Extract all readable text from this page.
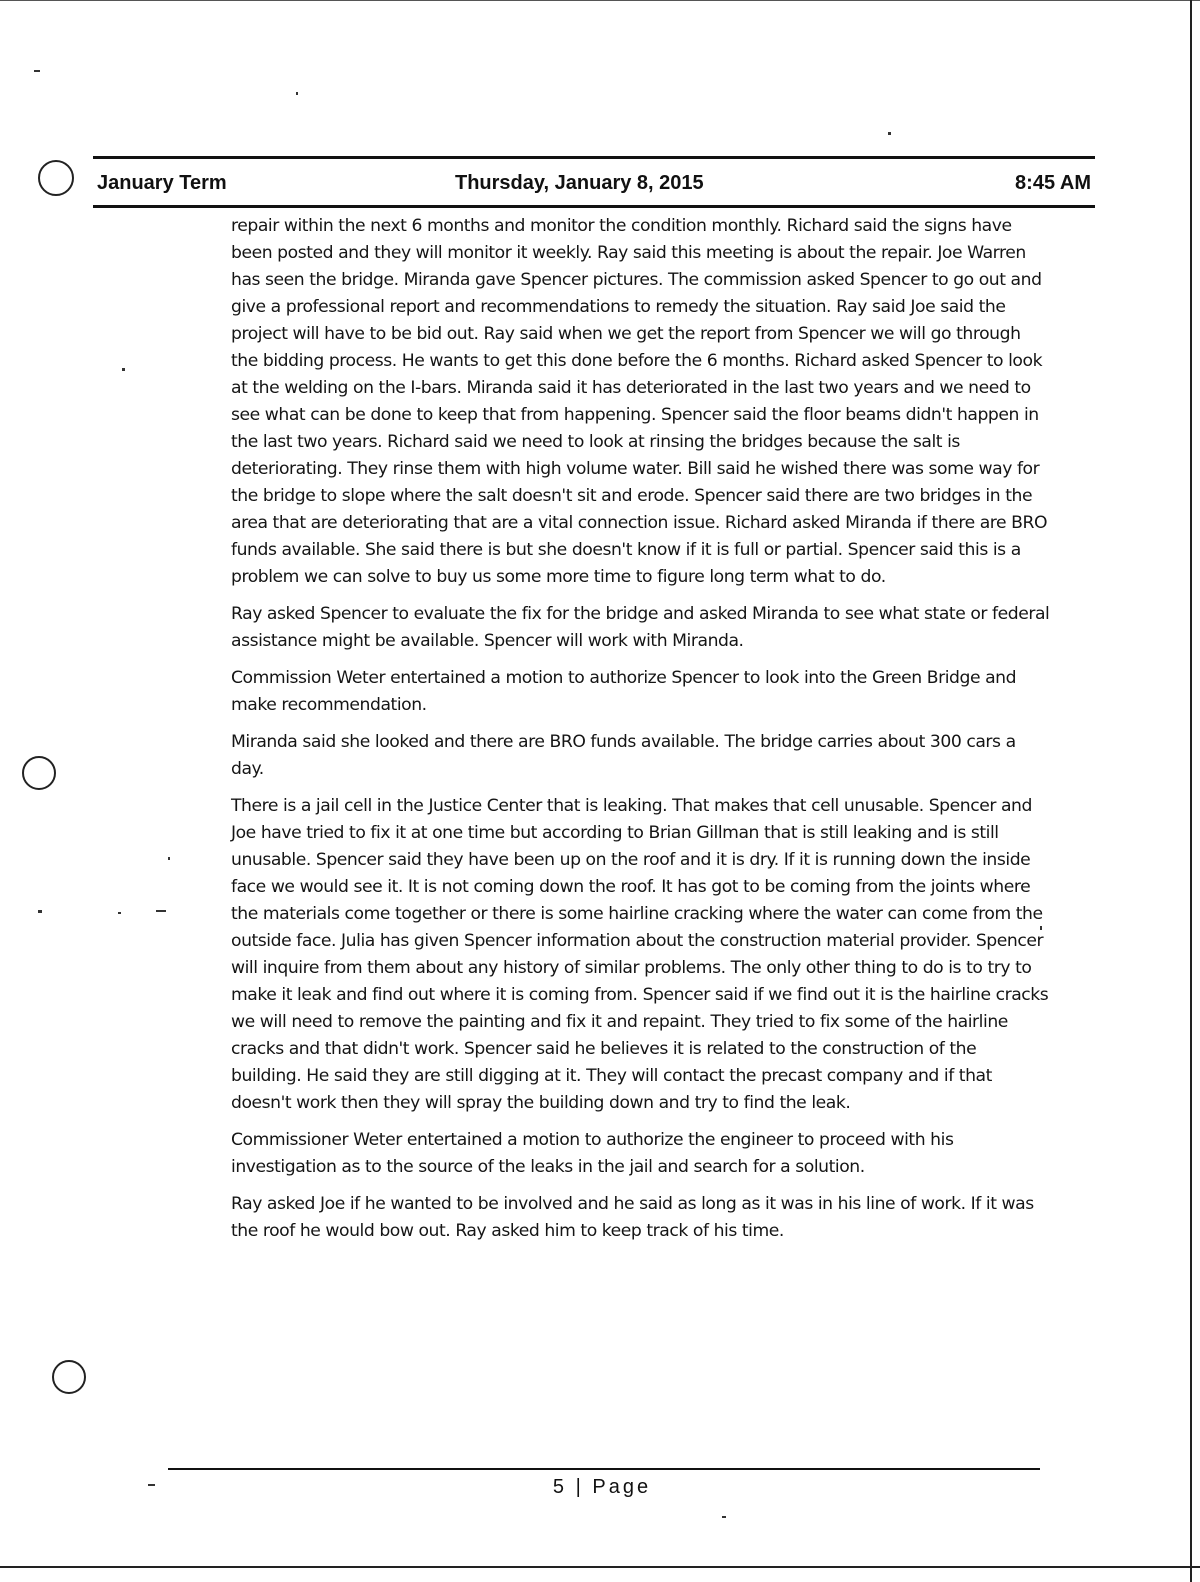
January Term	Thursday, January 8, 2015	8:45 AM

repair within the next 6 months and monitor the condition monthly. Richard said the signs have been posted and they will monitor it weekly. Ray said this meeting is about the repair. Joe Warren has seen the bridge. Miranda gave Spencer pictures. The commission asked Spencer to go out and give a professional report and recommendations to remedy the situation. Ray said Joe said the project will have to be bid out. Ray said when we get the report from Spencer we will go through the bidding process. He wants to get this done before the 6 months. Richard asked Spencer to look at the welding on the I-bars. Miranda said it has deteriorated in the last two years and we need to see what can be done to keep that from happening. Spencer said the floor beams didn't happen in the last two years. Richard said we need to look at rinsing the bridges because the salt is deteriorating. They rinse them with high volume water. Bill said he wished there was some way for the bridge to slope where the salt doesn't sit and erode. Spencer said there are two bridges in the area that are deteriorating that are a vital connection issue. Richard asked Miranda if there are BRO funds available. She said there is but she doesn't know if it is full or partial. Spencer said this is a problem we can solve to buy us some more time to figure long term what to do.

Ray asked Spencer to evaluate the fix for the bridge and asked Miranda to see what state or federal assistance might be available. Spencer will work with Miranda.

Commission Weter entertained a motion to authorize Spencer to look into the Green Bridge and make recommendation.

Miranda said she looked and there are BRO funds available. The bridge carries about 300 cars a day.

There is a jail cell in the Justice Center that is leaking. That makes that cell unusable. Spencer and Joe have tried to fix it at one time but according to Brian Gillman that is still leaking and is still unusable. Spencer said they have been up on the roof and it is dry. If it is running down the inside face we would see it. It is not coming down the roof. It has got to be coming from the joints where the materials come together or there is some hairline cracking where the water can come from the outside face. Julia has given Spencer information about the construction material provider. Spencer will inquire from them about any history of similar problems. The only other thing to do is to try to make it leak and find out where it is coming from. Spencer said if we find out it is the hairline cracks we will need to remove the painting and fix it and repaint. They tried to fix some of the hairline cracks and that didn't work. Spencer said he believes it is related to the construction of the building. He said they are still digging at it. They will contact the precast company and if that doesn't work then they will spray the building down and try to find the leak.

Commissioner Weter entertained a motion to authorize the engineer to proceed with his investigation as to the source of the leaks in the jail and search for a solution.

Ray asked Joe if he wanted to be involved and he said as long as it was in his line of work. If it was the roof he would bow out. Ray asked him to keep track of his time.

5 | Page
